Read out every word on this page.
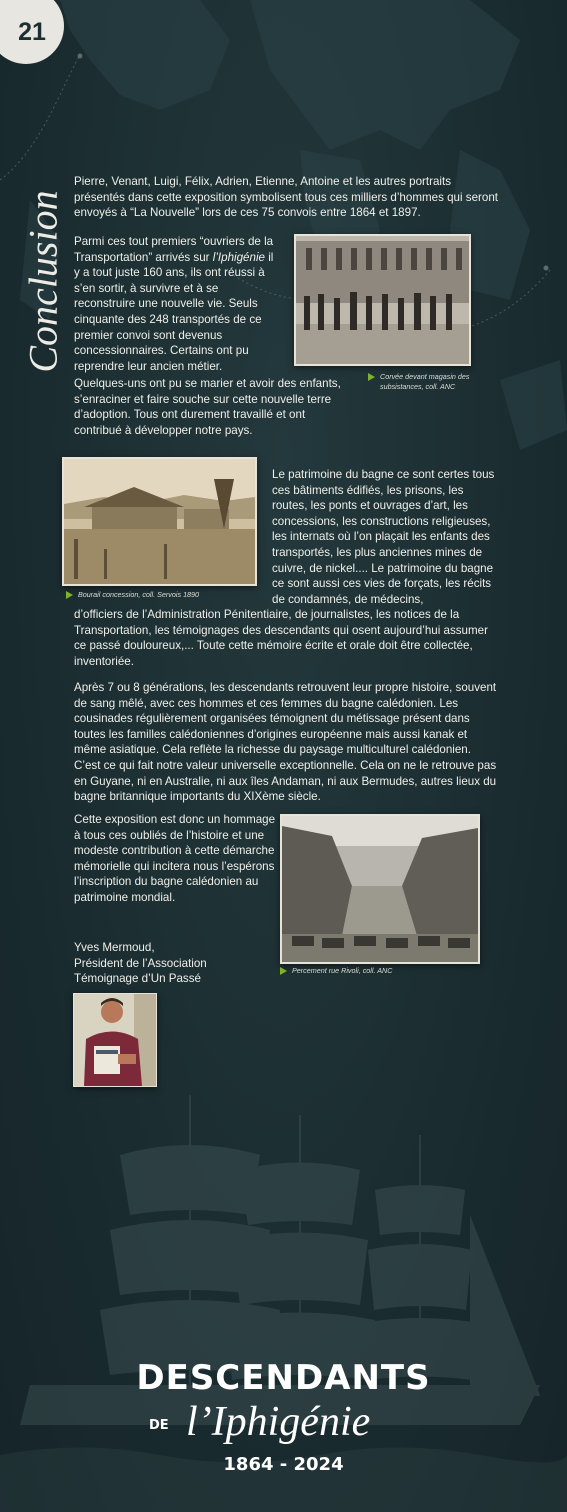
21
Conclusion
Pierre, Venant, Luigi, Félix, Adrien, Etienne, Antoine et les autres portraits présentés dans cette exposition symbolisent tous ces milliers d’hommes qui seront envoyés à “La Nouvelle” lors de ces 75 convois entre 1864 et 1897.
Parmi ces tout premiers “ouvriers de la Transportation” arrivés sur l’Iphigénie il y a tout juste 160 ans, ils ont réussi à s’en sortir, à survivre et à se reconstruire une nouvelle vie. Seuls cinquante des 248 transportés de ce premier convoi sont devenus concessionnaires. Certains ont pu reprendre leur ancien métier.
Quelques-uns ont pu se marier et avoir des enfants, s’enraciner et faire souche sur cette nouvelle terre d’adoption. Tous ont durement travaillé et ont contribué à développer notre pays.
Corvée devant magasin des subsistances, coll. ANC
Bourail concession, coll. Servois 1890
Le patrimoine du bagne ce sont certes tous ces bâtiments édifiés, les prisons, les routes, les ponts et ouvrages d’art, les concessions, les constructions religieuses, les internats où l’on plaçait les enfants des transportés, les plus anciennes mines de cuivre, de nickel.... Le patrimoine du bagne ce sont aussi ces vies de forçats, les récits de condamnés, de médecins,
d’officiers de l’Administration Pénitentiaire, de journalistes, les notices de la Transportation, les témoignages des descendants qui osent aujourd’hui assumer ce passé douloureux,... Toute cette mémoire écrite et orale doit être collectée, inventoriée.
Après 7 ou 8 générations, les descendants retrouvent leur propre histoire, souvent de sang mêlé, avec ces hommes et ces femmes du bagne calédonien. Les cousinades régulièrement organisées témoignent du métissage présent dans toutes les familles calédoniennes d’origines européenne mais aussi kanak et même asiatique. Cela reflète la richesse du paysage multiculturel calédonien. C’est ce qui fait notre valeur universelle exceptionnelle. Cela on ne le retrouve pas en Guyane, ni en Australie, ni aux îles Andaman, ni aux Bermudes, autres lieux du bagne britannique importants du XIXème siècle.
Cette exposition est donc un hommage à tous ces oubliés de l’histoire et une modeste contribution à cette démarche mémorielle qui incitera nous l’espérons l’inscription du bagne calédonien au patrimoine mondial.
Percement rue Rivoli, coll. ANC
Yves Mermoud,
Président de l’Association
Témoignage d’Un Passé
DESCENDANTS
DE l’Iphigénie
1864 - 2024
